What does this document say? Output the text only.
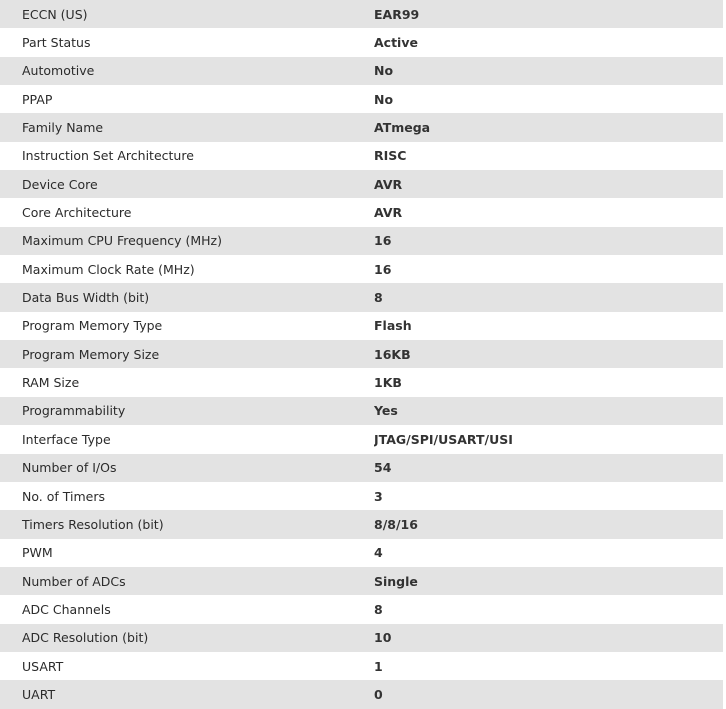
ECCN (US)	EAR99
Part Status	Active
Automotive	No
PPAP	No
Family Name	ATmega
Instruction Set Architecture	RISC
Device Core	AVR
Core Architecture	AVR
Maximum CPU Frequency (MHz)	16
Maximum Clock Rate (MHz)	16
Data Bus Width (bit)	8
Program Memory Type	Flash
Program Memory Size	16KB
RAM Size	1KB
Programmability	Yes
Interface Type	JTAG/SPI/USART/USI
Number of I/Os	54
No. of Timers	3
Timers Resolution (bit)	8/8/16
PWM	4
Number of ADCs	Single
ADC Channels	8
ADC Resolution (bit)	10
USART	1
UART	0
